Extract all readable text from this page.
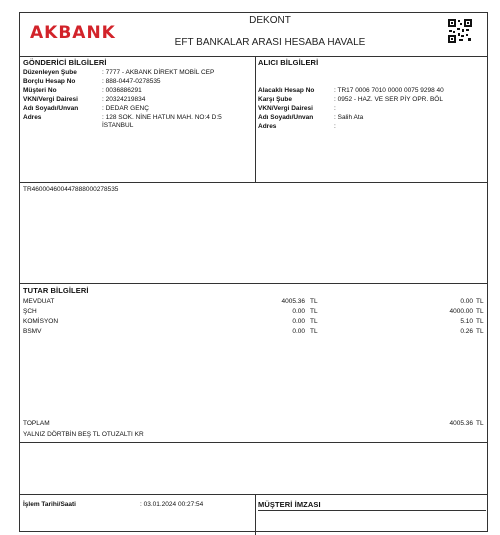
AKBANK
DEKONT
EFT BANKALAR ARASI HESABA HAVALE
GÖNDERİCİ BİLGİLERİ
Düzenleyen Şube	: 7777 - AKBANK DİREKT MOBİL CEP
Borçlu Hesap No	: 888-0447-0278535
Müşteri No	: 0036886291
VKN/Vergi Dairesi	: 20324219834
Adı Soyadı/Unvan	: DEDAR GENÇ
Adres	: 128 SOK. NİNE HATUN MAH. NO:4 D:5 İSTANBUL
ALICI BİLGİLERİ
Alacaklı Hesap No	: TR17 0006 7010 0000 0075 9298 40
Karşı Şube	: 0952 - HAZ. VE SER PİY OPR. BÖL
VKN/Vergi Dairesi	:
Adı Soyadı/Unvan	: Salih Ata
Adres	:
TR460004600447888000278535
TUTAR BİLGİLERİ
MEVDUAT	4005.36 TL	0.00 TL
ŞCH	0.00 TL	4000.00 TL
KOMİSYON	0.00 TL	5.10 TL
BSMV	0.00 TL	0.26 TL
TOPLAM	4005.36 TL
YALNIZ DÖRTBİN BEŞ TL OTUZALTI KR
İşlem Tarihi/Saati	: 03.01.2024 00:27:54	MÜŞTERİ İMZASI
